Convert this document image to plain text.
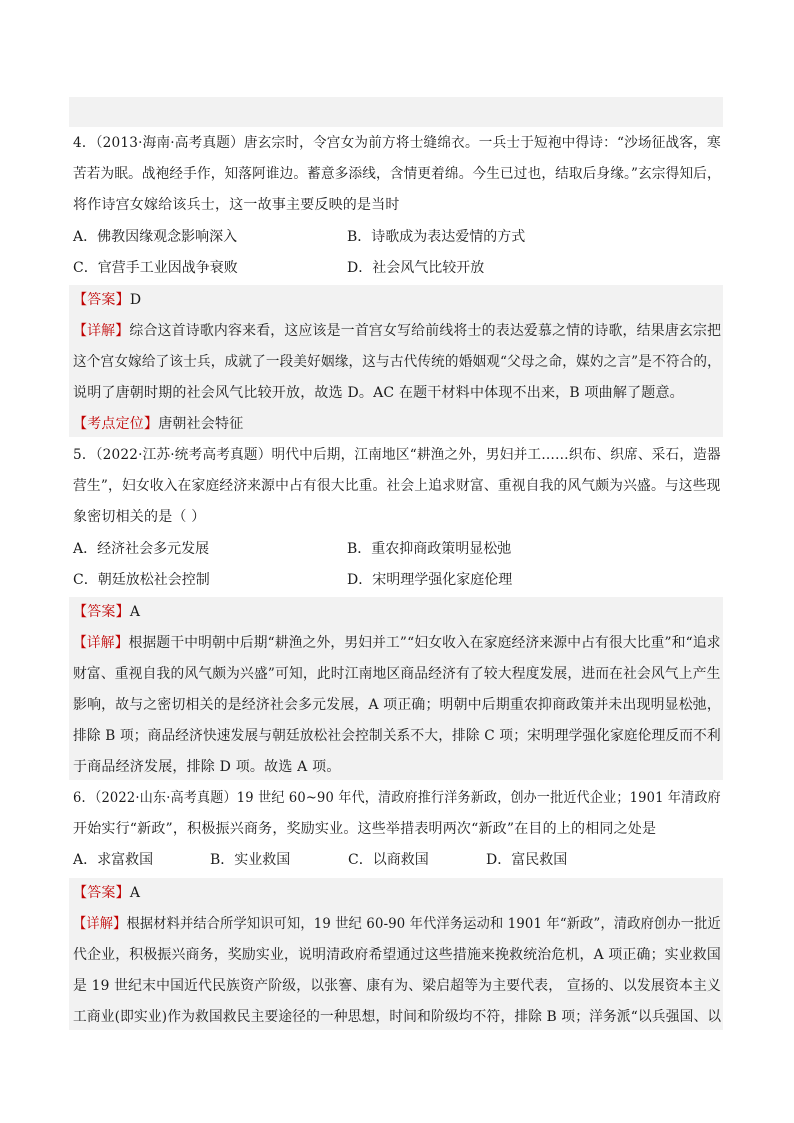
4．（2013·海南·高考真题）唐玄宗时，令宫女为前方将士缝绵衣。一兵士于短袍中得诗：“沙场征战客，寒
苦若为眠。战袍经手作，知落阿谁边。蓄意多添线，含情更着绵。今生已过也，结取后身缘。”玄宗得知后，
将作诗宫女嫁给该兵士，这一故事主要反映的是当时
A．佛教因缘观念影响深入	B．诗歌成为表达爱情的方式
C．官营手工业因战争衰败	D．社会风气比较开放
【答案】D
【详解】综合这首诗歌内容来看，这应该是一首宫女写给前线将士的表达爱慕之情的诗歌，结果唐玄宗把
这个宫女嫁给了该士兵，成就了一段美好姻缘，这与古代传统的婚姻观“父母之命，媒妁之言”是不符合的，
说明了唐朝时期的社会风气比较开放，故选 D。AC 在题干材料中体现不出来，B 项曲解了题意。
【考点定位】唐朝社会特征
5．（2022·江苏·统考高考真题）明代中后期，江南地区“耕渔之外，男妇并工……织布、织席、采石，造器
营生”，妇女收入在家庭经济来源中占有很大比重。社会上追求财富、重视自我的风气颇为兴盛。与这些现
象密切相关的是（ ）
A．经济社会多元发展	B．重农抑商政策明显松弛
C．朝廷放松社会控制	D．宋明理学强化家庭伦理
【答案】A
【详解】根据题干中明朝中后期“耕渔之外，男妇并工”“妇女收入在家庭经济来源中占有很大比重”和“追求
财富、重视自我的风气颇为兴盛”可知，此时江南地区商品经济有了较大程度发展，进而在社会风气上产生
影响，故与之密切相关的是经济社会多元发展，A 项正确；明朝中后期重农抑商政策并未出现明显松弛，
排除 B 项；商品经济快速发展与朝廷放松社会控制关系不大，排除 C 项；宋明理学强化家庭伦理反而不利
于商品经济发展，排除 D 项。故选 A 项。
6．（2022·山东·高考真题）19 世纪 60~90 年代，清政府推行洋务新政，创办一批近代企业；1901 年清政府
开始实行“新政”，积极振兴商务，奖励实业。这些举措表明两次“新政”在目的上的相同之处是
A．求富救国	B．实业救国	C．以商救国	D．富民救国
【答案】A
【详解】根据材料并结合所学知识可知，19 世纪 60-90 年代洋务运动和 1901 年“新政”，清政府创办一批近
代企业，积极振兴商务，奖励实业，说明清政府希望通过这些措施来挽救统治危机，A 项正确；实业救国
是 19 世纪末中国近代民族资产阶级，以张謇、康有为、梁启超等为主要代表， 宣扬的、以发展资本主义
工商业(即实业)作为救国救民主要途径的一种思想，时间和阶级均不符，排除 B 项；洋务派“以兵强国、以
